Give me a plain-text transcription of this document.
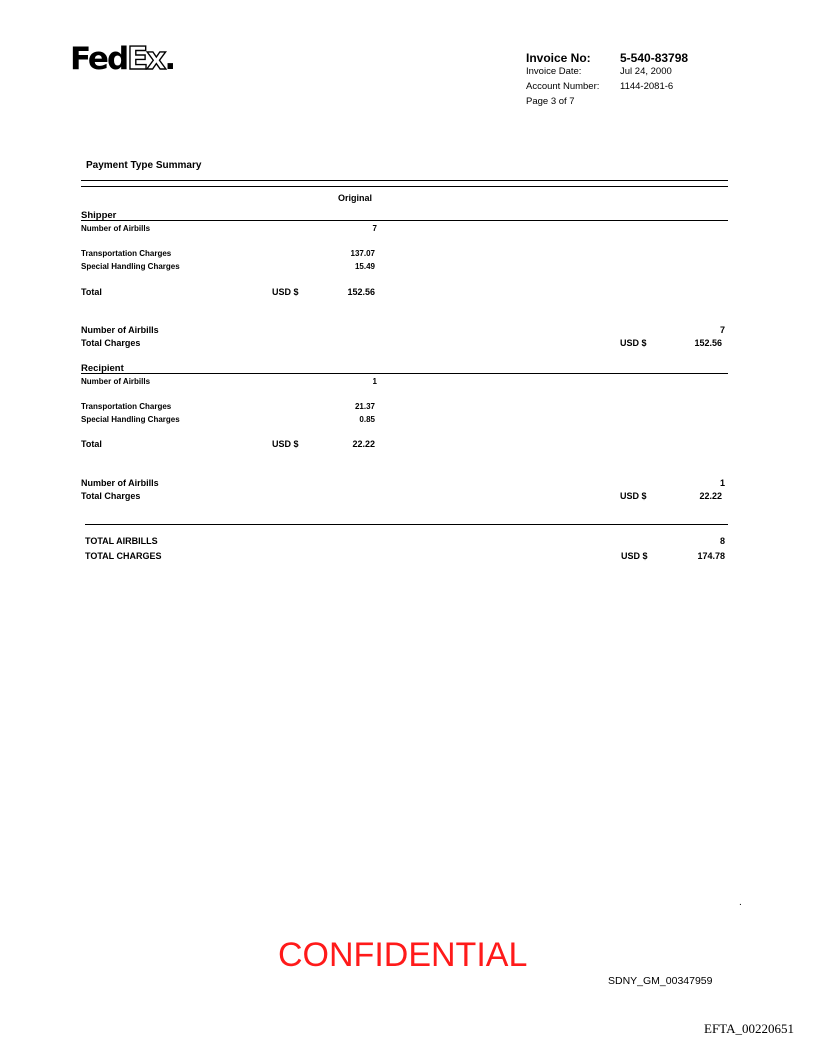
FedEx.	Invoice No: 5-540-83798
Invoice Date:	Jul 24, 2000
Account Number: 1144-2081-6
Page 3 of 7
Payment Type Summary
Original
Shipper
Number of Airbills	7
Transportation Charges	137.07
Special Handling Charges	15.49
Total	USD $	152.56
Number of Airbills	7
Total Charges	USD $	152.56
Recipient
Number of Airbills	1
Transportation Charges	21.37
Special Handling Charges	0.85
Total	USD $	22.22
Number of Airbills	1
Total Charges	USD $	22.22
TOTAL AIRBILLS	8
TOTAL CHARGES	USD $	174.78
.
CONFIDENTIAL
SDNY_GM_00347959
EFTA_00220651
